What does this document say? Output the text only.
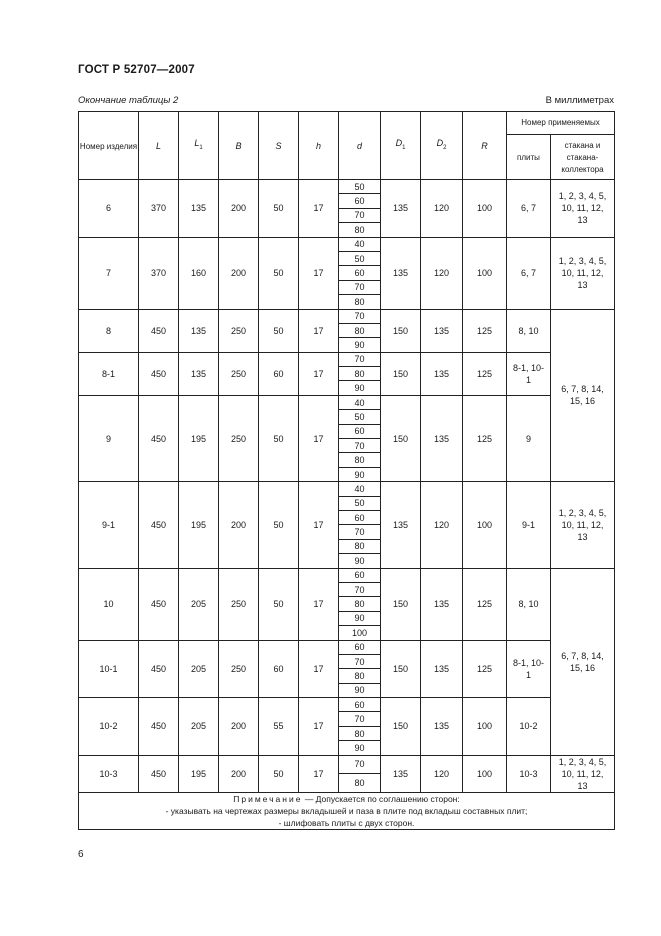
ГОСТ Р 52707—2007
Окончание таблицы 2	В миллиметрах
Номер изделия	L	$L_1$	B	S	h	d	$D_1$	$D_2$	R	Номер применяемых	
										плиты	стакана и стакана-коллектора
6	370	135	200	50	17	50	135	120	100	6, 7	1, 2, 3, 4, 5, 10, 11, 12, 13
						60					
						70					
						80					
7	370	160	200	50	17	40	135	120	100	6, 7	1, 2, 3, 4, 5, 10, 11, 12, 13
						50					
						60					
						70					
						80					
8	450	135	250	50	17	70	150	135	125	8, 10	6, 7, 8, 14, 15, 16
						80					
						90					
8-1	450	135	250	60	17	70	150	135	125	8-1, 10-1	
						80					
						90					
9	450	195	250	50	17	40	150	135	125	9	
						50					
						60					
						70					
						80					
						90					
9-1	450	195	200	50	17	40	135	120	100	9-1	1, 2, 3, 4, 5, 10, 11, 12, 13
						50					
						60					
						70					
						80					
						90					
10	450	205	250	50	17	60	150	135	125	8, 10	6, 7, 8, 14, 15, 16
						70					
						80					
						90					
						100					
10-1	450	205	250	60	17	60	150	135	125	8-1, 10-1	
						70					
						80					
						90					
10-2	450	205	200	55	17	60	150	135	100	10-2	
						70					
						80					
						90					
10-3	450	195	200	50	17	70	135	120	100	10-3	1, 2, 3, 4, 5, 10, 11, 12, 13
						80					

Примечание — Допускается по соглашению сторон:
- указывать на чертежах размеры вкладышей и паза в плите под вкладыш составных плит;
- шлифовать плиты с двух сторон.											
6
